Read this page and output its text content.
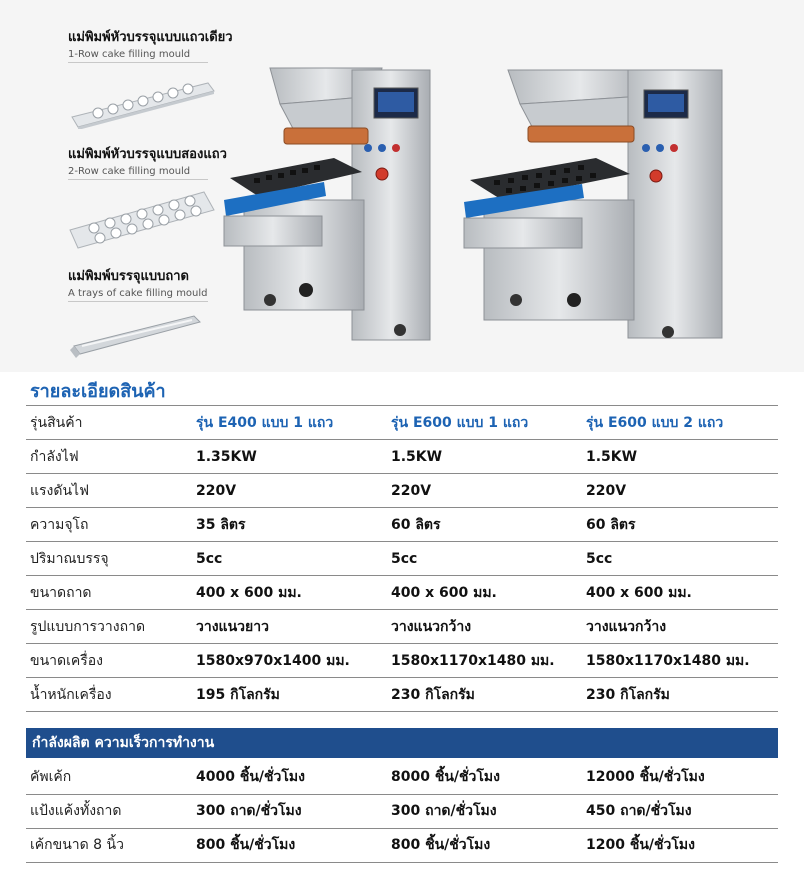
แม่พิมพ์หัวบรรจุแบบแถวเดียว
1-Row cake filling mould
แม่พิมพ์หัวบรรจุแบบสองแถว
2-Row cake filling mould
แม่พิมพ์บรรจุแบบถาด
A trays of cake filling mould
รายละเอียดสินค้า
รุ่นสินค้า	รุ่น E400 แบบ 1 แถว	รุ่น E600 แบบ 1 แถว	รุ่น E600 แบบ 2 แถว
กำลังไฟ	1.35KW	1.5KW	1.5KW
แรงดันไฟ	220V	220V	220V
ความจุโถ	35 ลิตร	60 ลิตร	60 ลิตร
ปริมาณบรรจุ	5cc	5cc	5cc
ขนาดถาด	400 x 600 มม.	400 x 600 มม.	400 x 600 มม.
รูปแบบการวางถาด	วางแนวยาว	วางแนวกว้าง	วางแนวกว้าง
ขนาดเครื่อง	1580x970x1400 มม.	1580x1170x1480 มม.	1580x1170x1480 มม.
น้ำหนักเครื่อง	195 กิโลกรัม	230 กิโลกรัม	230 กิโลกรัม
กำลังผลิต ความเร็วการทำงาน
คัพเค้ก	4000 ชิ้น/ชั่วโมง	8000 ชิ้น/ชั่วโมง	12000 ชิ้น/ชั่วโมง
แป้งแค้งทั้งถาด	300 ถาด/ชั่วโมง	300 ถาด/ชั่วโมง	450 ถาด/ชั่วโมง
เค้กขนาด 8 นิ้ว	800 ชิ้น/ชั่วโมง	800 ชิ้น/ชั่วโมง	1200 ชิ้น/ชั่วโมง
